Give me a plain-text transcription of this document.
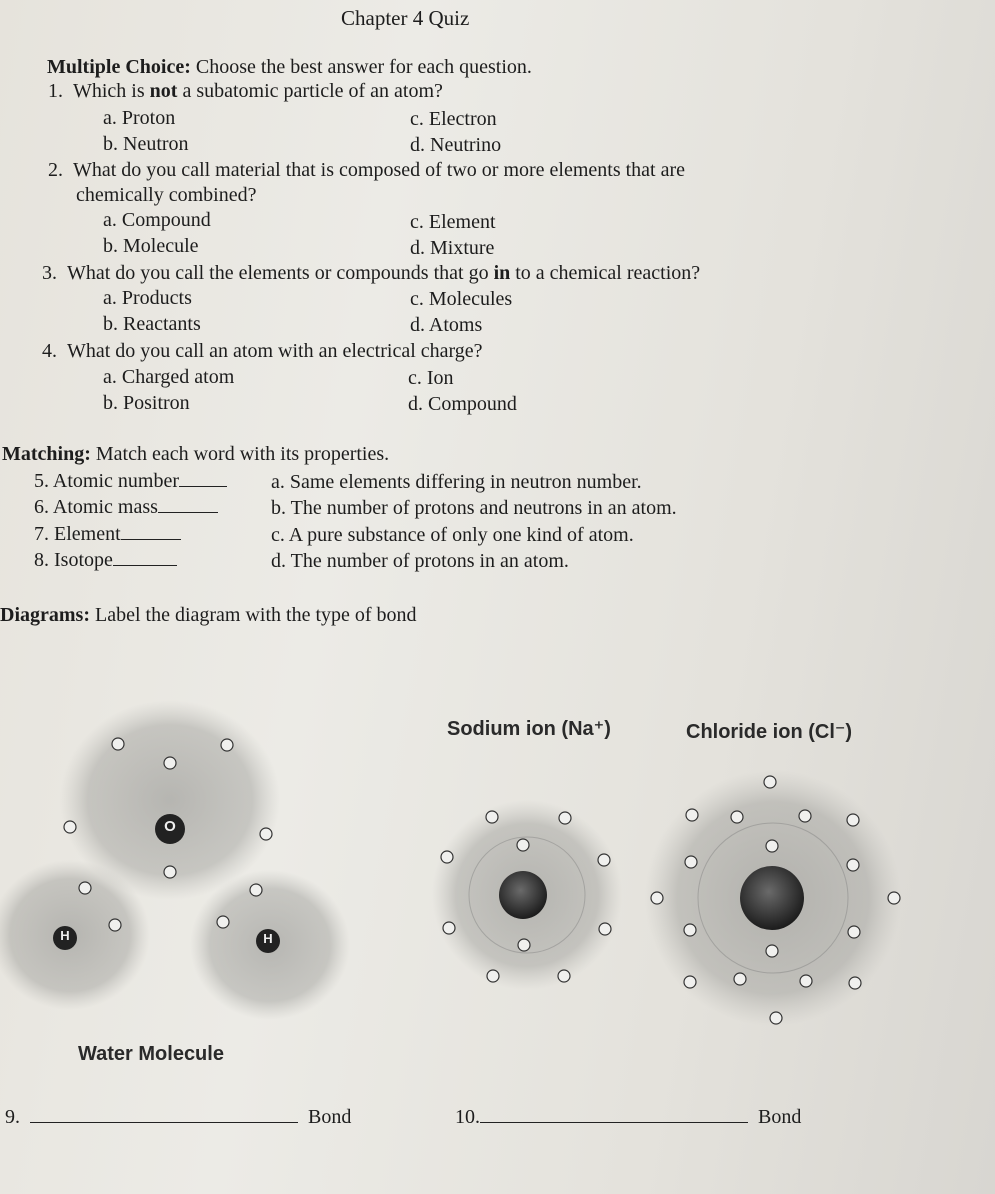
Chapter 4 Quiz
Multiple Choice: Choose the best answer for each question.
1. Which is not a subatomic particle of an atom?
a. Proton	c. Electron
b. Neutron	d. Neutrino
2. What do you call material that is composed of two or more elements that are
chemically combined?
a. Compound	c. Element
b. Molecule	d. Mixture
3. What do you call the elements or compounds that go in to a chemical reaction?
a. Products	c. Molecules
b. Reactants	d. Atoms
4. What do you call an atom with an electrical charge?
a. Charged atom	c. Ion
b. Positron	d. Compound
Matching: Match each word with its properties.
5. Atomic number	a. Same elements differing in neutron number.
6. Atomic mass	b. The number of protons and neutrons in an atom.
7. Element	c. A pure substance of only one kind of atom.
8. Isotope	d. The number of protons in an atom.
Diagrams: Label the diagram with the type of bond
O
H	H
Sodium ion (Na⁺)	Chloride ion (Cl⁻)
Water Molecule
9.	Bond	10.	Bond
